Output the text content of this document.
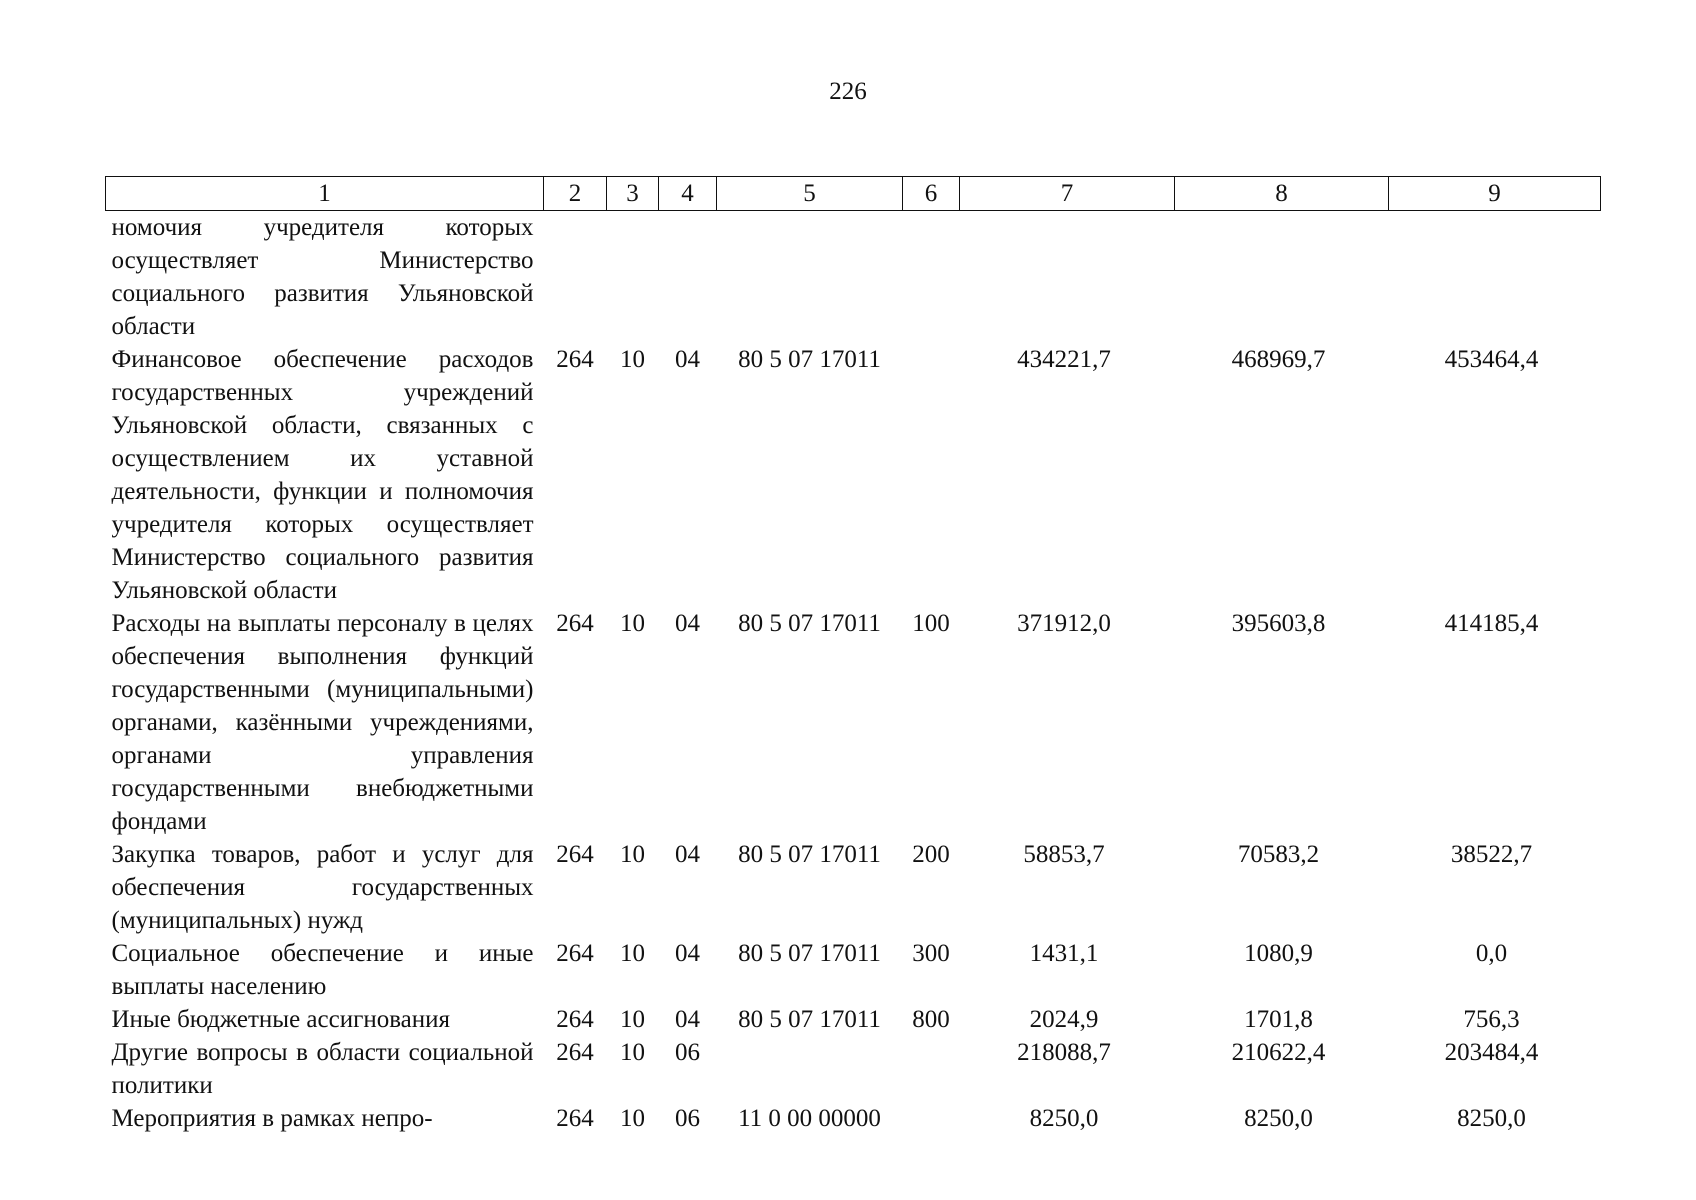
226
1	2	3	4	5	6	7	8	9
номочия учредителя которых осуществляет Министерство социального развития Ульяновской области								
Финансовое обеспечение расходов государственных учреждений Ульяновской области, связанных с осуществлением их уставной деятельности, функции и полномочия учредителя которых осуществляет Министерство социального развития Ульяновской области	264	10	04	80 5 07 17011		434221,7	468969,7	453464,4
Расходы на выплаты персоналу в целях обеспечения выполнения функций государственными (муниципальными) органами, казёнными учреждениями, органами управления государственными внебюджетными фондами	264	10	04	80 5 07 17011	100	371912,0	395603,8	414185,4
Закупка товаров, работ и услуг для обеспечения государственных (муниципальных) нужд	264	10	04	80 5 07 17011	200	58853,7	70583,2	38522,7
Социальное обеспечение и иные выплаты населению	264	10	04	80 5 07 17011	300	1431,1	1080,9	0,0
Иные бюджетные ассигнования	264	10	04	80 5 07 17011	800	2024,9	1701,8	756,3
Другие вопросы в области социальной политики	264	10	06			218088,7	210622,4	203484,4
Мероприятия в рамках непро-	264	10	06	11 0 00 00000		8250,0	8250,0	8250,0
